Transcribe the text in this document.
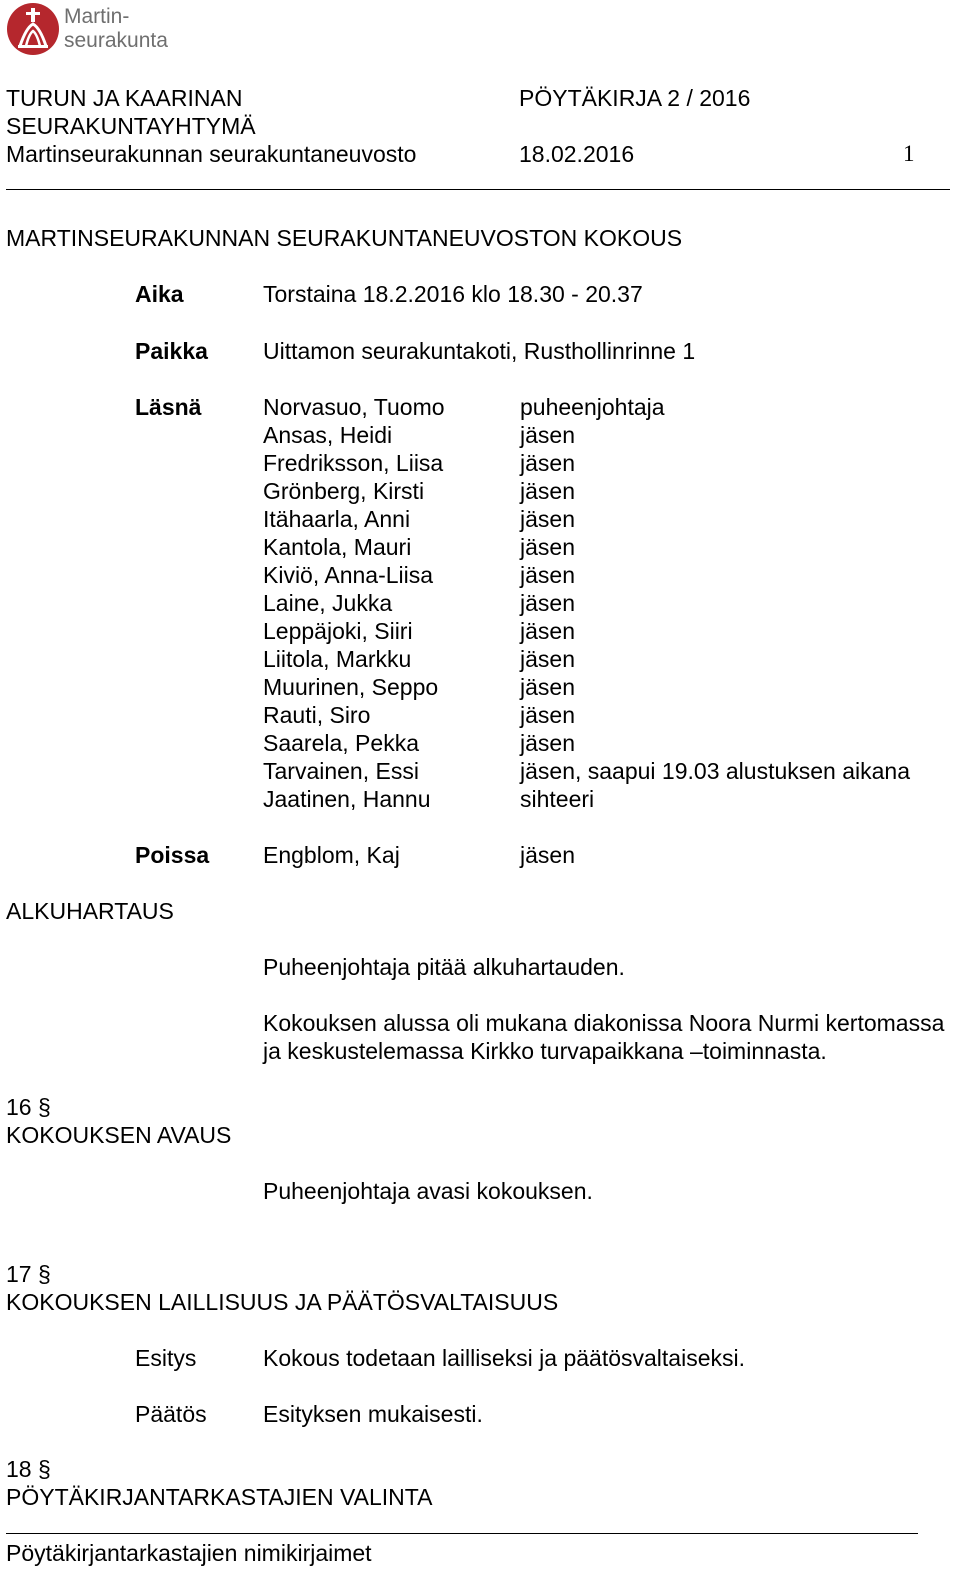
Martin-
seurakunta
TURUN JA KAARINAN
SEURAKUNTAYHTYMÄ
Martinseurakunnan seurakuntaneuvosto
PÖYTÄKIRJA 2 / 2016
18.02.2016	1
MARTINSEURAKUNNAN SEURAKUNTANEUVOSTON KOKOUS
Aika	Torstaina 18.2.2016 klo 18.30 - 20.37
Paikka Uittamon seurakuntakoti, Rusthollinrinne 1
Läsnä	Norvasuo, Tuomo	puheenjohtaja
Ansas, Heidi	jäsen
Fredriksson, Liisa	jäsen
Grönberg, Kirsti	jäsen
Itähaarla, Anni	jäsen
Kantola, Mauri	jäsen
Kiviö, Anna-Liisa	jäsen
Laine, Jukka	jäsen
Leppäjoki, Siiri	jäsen
Liitola, Markku	jäsen
Muurinen, Seppo	jäsen
Rauti, Siro	jäsen
Saarela, Pekka	jäsen
Tarvainen, Essi	jäsen, saapui 19.03 alustuksen aikana
Jaatinen, Hannu	sihteeri
Poissa Engblom, Kaj	jäsen
ALKUHARTAUS
Puheenjohtaja pitää alkuhartauden.
Kokouksen alussa oli mukana diakonissa Noora Nurmi kertomassa
ja keskustelemassa Kirkko turvapaikkana –toiminnasta.
16 §
KOKOUKSEN AVAUS
Puheenjohtaja avasi kokouksen.
17 §
KOKOUKSEN LAILLISUUS JA PÄÄTÖSVALTAISUUS
Esitys	Kokous todetaan lailliseksi ja päätösvaltaiseksi.
Päätös Esityksen mukaisesti.
18 §
PÖYTÄKIRJANTARKASTAJIEN VALINTA
Pöytäkirjantarkastajien nimikirjaimet
